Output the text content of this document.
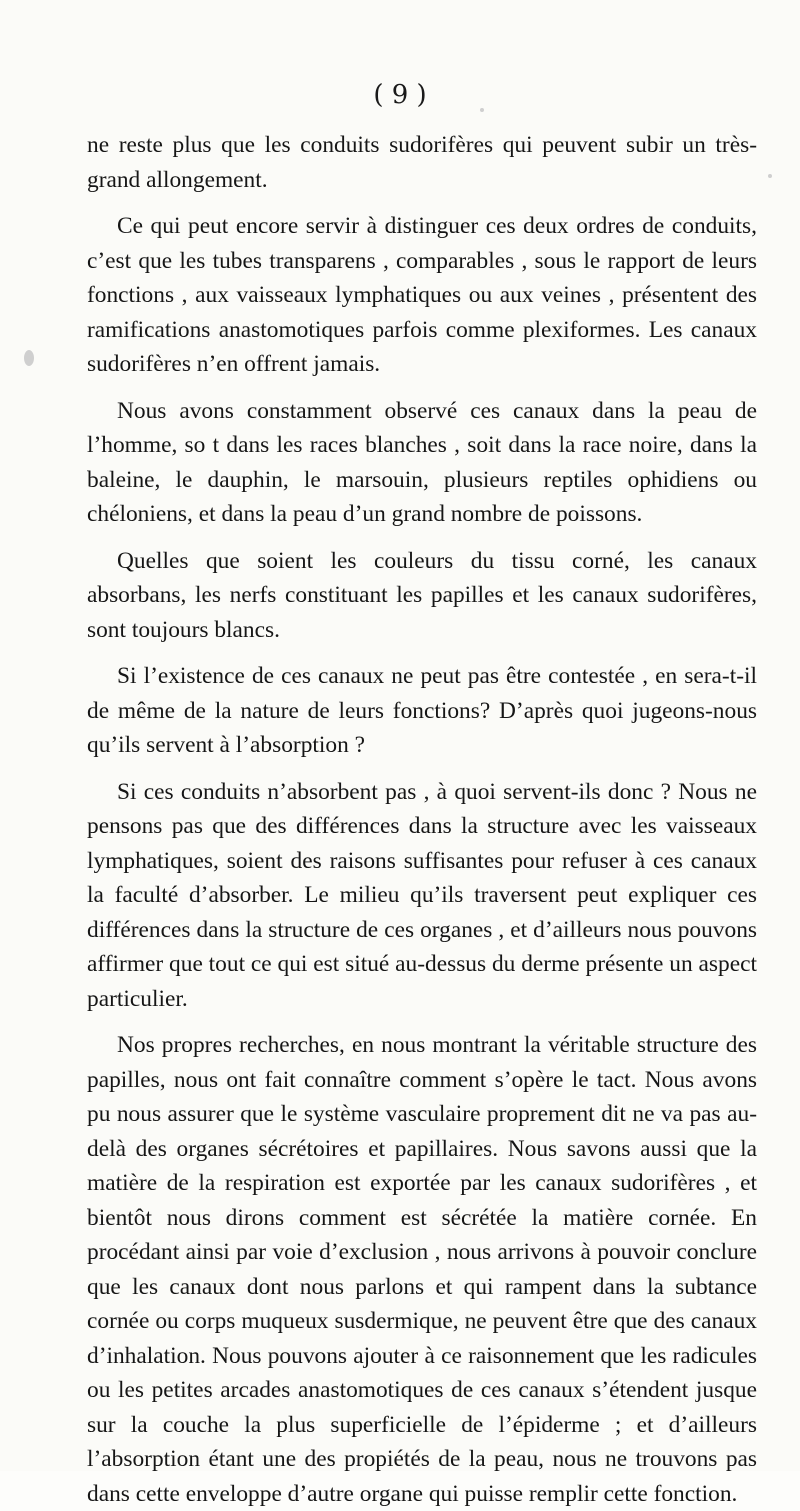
( 9 )

ne reste plus que les conduits sudorifères qui peuvent subir un très-grand allongement.

Ce qui peut encore servir à distinguer ces deux ordres de conduits, c’est que les tubes transparens , comparables , sous le rapport de leurs fonctions , aux vaisseaux lymphatiques ou aux veines , présentent des ramifications anastomotiques parfois comme plexiformes. Les canaux sudorifères n’en offrent jamais.

Nous avons constamment observé ces canaux dans la peau de l’homme, so t dans les races blanches , soit dans la race noire, dans la baleine, le dauphin, le marsouin, plusieurs reptiles ophidiens ou chéloniens, et dans la peau d’un grand nombre de poissons.

Quelles que soient les couleurs du tissu corné, les canaux absorbans, les nerfs constituant les papilles et les canaux sudorifères, sont toujours blancs.

Si l’existence de ces canaux ne peut pas être contestée , en sera-t-il de même de la nature de leurs fonctions? D’après quoi jugeons-nous qu’ils servent à l’absorption ?

Si ces conduits n’absorbent pas , à quoi servent-ils donc ? Nous ne pensons pas que des différences dans la structure avec les vaisseaux lymphatiques, soient des raisons suffisantes pour refuser à ces canaux la faculté d’absorber. Le milieu qu’ils traversent peut expliquer ces différences dans la structure de ces organes , et d’ailleurs nous pouvons affirmer que tout ce qui est situé au-dessus du derme présente un aspect particulier.

Nos propres recherches, en nous montrant la véritable structure des papilles, nous ont fait connaître comment s’opère le tact. Nous avons pu nous assurer que le système vasculaire proprement dit ne va pas au-delà des organes sécrétoires et papillaires. Nous savons aussi que la matière de la respiration est exportée par les canaux sudorifères , et bientôt nous dirons comment est sécrétée la matière cornée. En procédant ainsi par voie d’exclusion , nous arrivons à pouvoir conclure que les canaux dont nous parlons et qui rampent dans la subtance cornée ou corps muqueux susdermique, ne peuvent être que des canaux d’inhalation. Nous pouvons ajouter à ce raisonnement que les radicules ou les petites arcades anastomotiques de ces canaux s’étendent jusque sur la couche la plus superficielle de l’épiderme ; et d’ailleurs l’absorption étant une des propiétés de la peau, nous ne trouvons pas dans cette enveloppe d’autre organe qui puisse remplir cette fonction.
